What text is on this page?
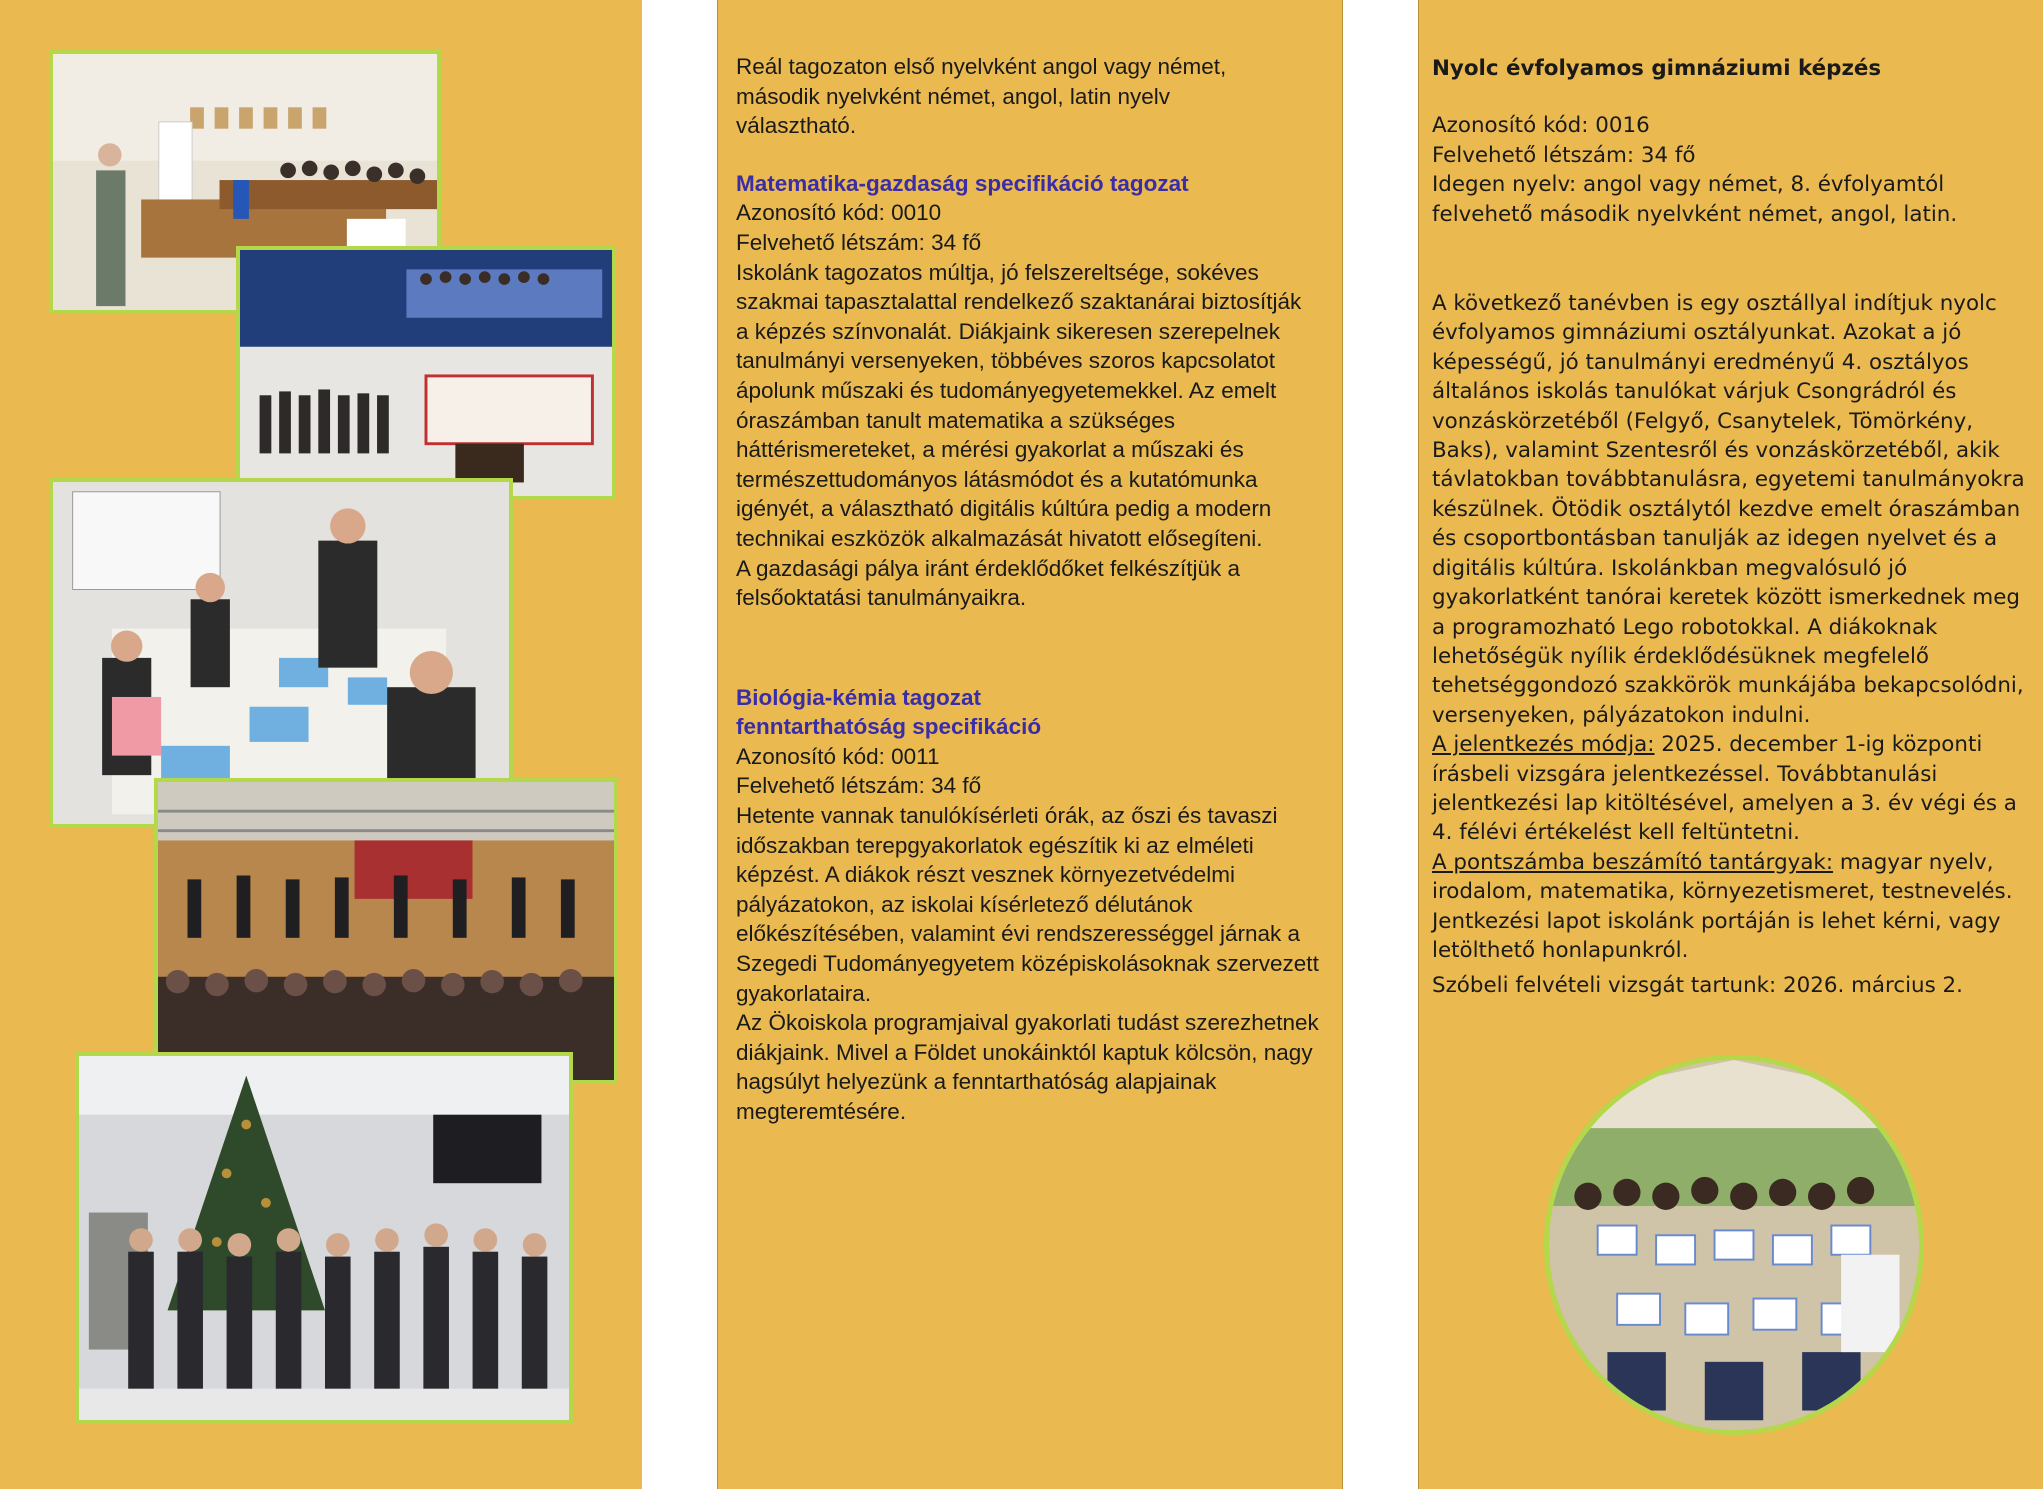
Reál tagozaton első nyelvként angol vagy német, második nyelvként német, angol, latin nyelv választható.

Matematika-gazdaság specifikáció tagozat

Azonosító kód: 0010

Felvehető létszám: 34 fő

Iskolánk tagozatos múltja, jó felszereltsége, sokéves szakmai tapasztalattal rendelkező szaktanárai biztosítják a képzés színvonalát. Diákjaink sikeresen szerepelnek tanulmányi versenyeken, többéves szoros kapcsolatot ápolunk műszaki és tudományegyetemekkel. Az emelt óraszámban tanult matematika a szükséges háttérismereteket, a mérési gyakorlat a műszaki és természettudományos látásmódot és a kutatómunka igényét, a választható digitális kúltúra pedig a modern technikai eszközök alkalmazását hivatott elősegíteni.

A gazdasági pálya iránt érdeklődőket felkészítjük a felsőoktatási tanulmányaikra.

Biológia-kémia tagozat

fenntarthatóság specifikáció

Azonosító kód: 0011

Felvehető létszám: 34 fő

Hetente vannak tanulókísérleti órák, az őszi és tavaszi időszakban terepgyakorlatok egészítik ki az elméleti képzést. A diákok részt vesznek környezetvédelmi pályázatokon, az iskolai kísérletező délutánok előkészítésében, valamint évi rendszerességgel járnak a Szegedi Tudományegyetem középiskolásoknak szervezett gyakorlataira.

Az Ökoiskola programjaival gyakorlati tudást szerezhetnek diákjaink. Mivel a Földet unokáinktól kaptuk kölcsön, nagy hagsúlyt helyezünk a fenntarthatóság alapjainak megteremtésére.

Nyolc évfolyamos gimnáziumi képzés

Azonosító kód: 0016

Felvehető létszám: 34 fő

Idegen nyelv: angol vagy német, 8. évfolyamtól felvehető második nyelvként német, angol, latin.

A következő tanévben is egy osztállyal indítjuk nyolc évfolyamos gimnáziumi osztályunkat. Azokat a jó képességű, jó tanulmányi eredményű 4. osztályos általános iskolás tanulókat várjuk Csongrádról és vonzáskörzetéből (Felgyő, Csanytelek, Tömörkény, Baks), valamint Szentesről és vonzáskörzetéből, akik távlatokban továbbtanulásra, egyetemi tanulmányokra készülnek. Ötödik osztálytól kezdve emelt óraszámban és csoportbontásban tanulják az idegen nyelvet és a digitális kúltúra. Iskolánkban megvalósuló jó gyakorlatként tanórai keretek között ismerkednek meg a programozható Lego robotokkal. A diákoknak lehetőségük nyílik érdeklődésüknek megfelelő tehetséggondozó szakkörök munkájába bekapcsolódni, versenyeken, pályázatokon indulni.

A jelentkezés módja: 2025. december 1-ig központi írásbeli vizsgára jelentkezéssel. Továbbtanulási jelentkezési lap kitöltésével, amelyen a 3. év végi és a 4. félévi értékelést kell feltüntetni.

A pontszámba beszámító tantárgyak: magyar nyelv, irodalom, matematika, környezetismeret, testnevelés. Jentkezési lapot iskolánk portáján is lehet kérni, vagy letölthető honlapunkról.

Szóbeli felvételi vizsgát tartunk: 2026. március 2.
